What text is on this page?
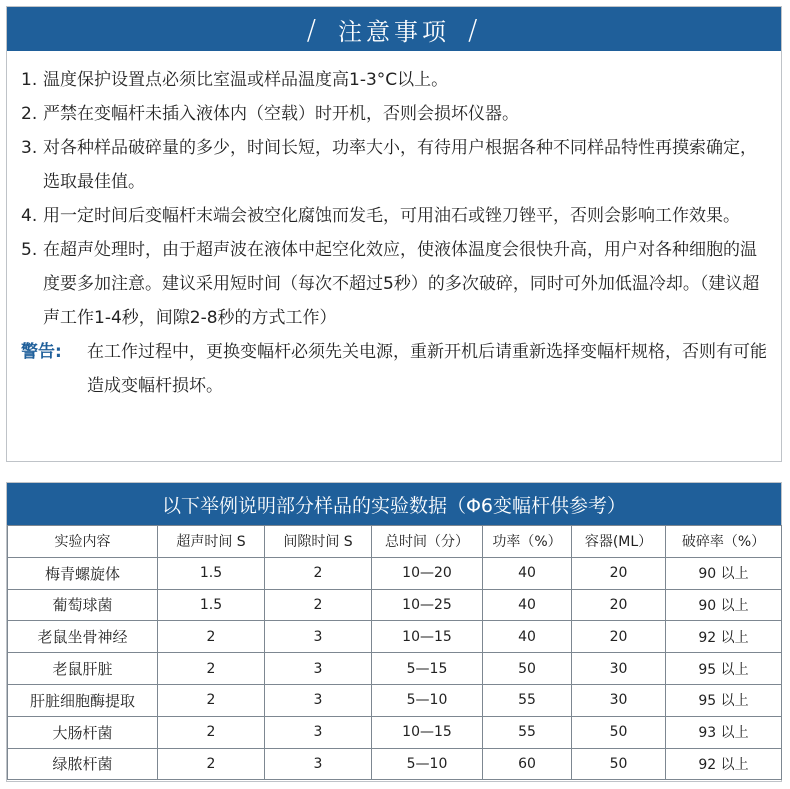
/ 注意事项 /
1. 温度保护设置点必须比室温或样品温度高1-3°C以上。
2. 严禁在变幅杆未插入液体内（空载）时开机，否则会损坏仪器。
3. 对各种样品破碎量的多少，时间长短，功率大小，有待用户根据各种不同样品特性再摸索确定，选取最佳值。
4. 用一定时间后变幅杆末端会被空化腐蚀而发毛，可用油石或锉刀锉平，否则会影响工作效果。
5. 在超声处理时，由于超声波在液体中起空化效应，使液体温度会很快升高，用户对各种细胞的温度要多加注意。建议采用短时间（每次不超过5秒）的多次破碎，同时可外加低温冷却。（建议超声工作1-4秒，间隙2-8秒的方式工作）
警告:	在工作过程中，更换变幅杆必须先关电源，重新开机后请重新选择变幅杆规格，否则有可能造成变幅杆损坏。
以下举例说明部分样品的实验数据（Φ6变幅杆供参考）
实验内容	超声时间 S	间隙时间 S	总时间（分）	功率（%）	容器(ML）	破碎率（%）
梅青螺旋体	1.5	2	10—20	40	20	90 以上
葡萄球菌	1.5	2	10—25	40	20	90 以上
老鼠坐骨神经	2	3	10—15	40	20	92 以上
老鼠肝脏	2	3	5—15	50	30	95 以上
肝脏细胞酶提取	2	3	5—10	55	30	95 以上
大肠杆菌	2	3	10—15	55	50	93 以上
绿脓杆菌	2	3	5—10	60	50	92 以上
